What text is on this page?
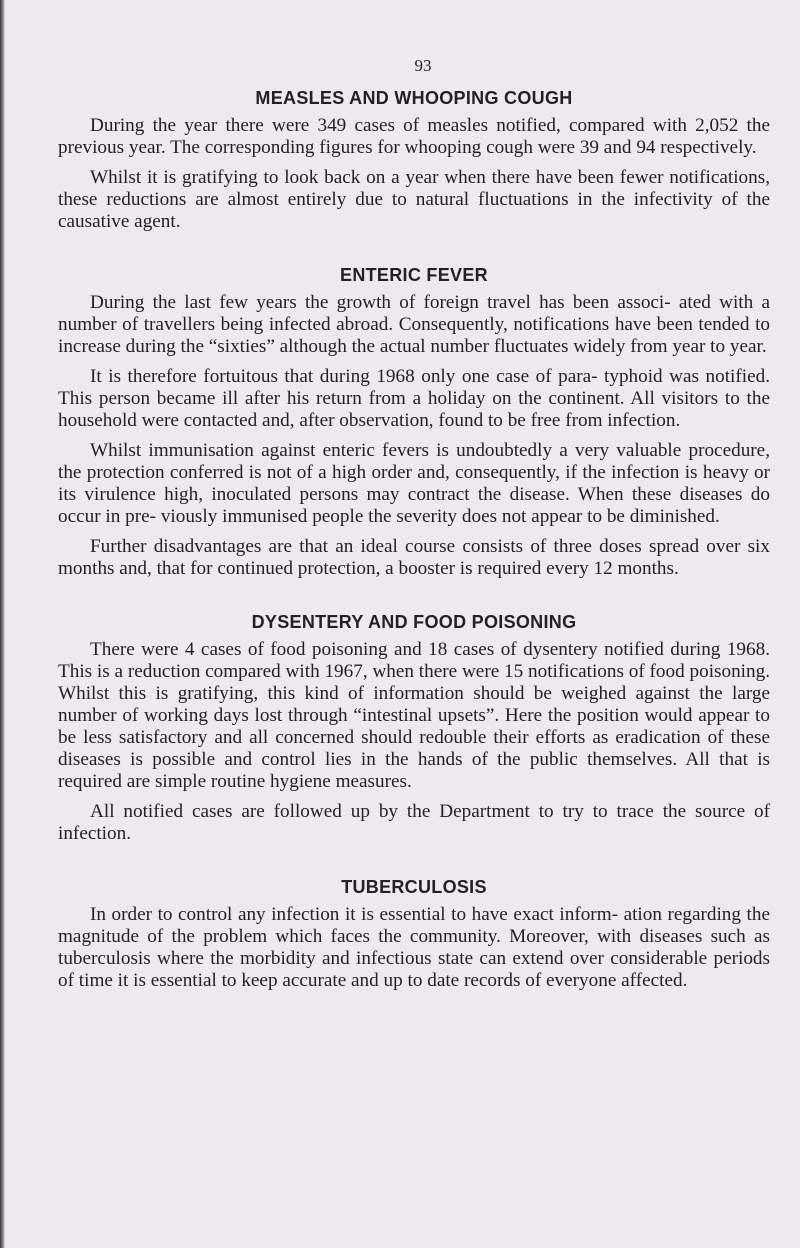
93
MEASLES AND WHOOPING COUGH

During the year there were 349 cases of measles notified, compared with 2,052 the previous year. The corresponding figures for whooping cough were 39 and 94 respectively.

Whilst it is gratifying to look back on a year when there have been fewer notifications, these reductions are almost entirely due to natural fluctuations in the infectivity of the causative agent.

ENTERIC FEVER

During the last few years the growth of foreign travel has been associ- ated with a number of travellers being infected abroad. Consequently, notifications have been tended to increase during the “sixties” although the actual number fluctuates widely from year to year.

It is therefore fortuitous that during 1968 only one case of para- typhoid was notified. This person became ill after his return from a holiday on the continent. All visitors to the household were contacted and, after observation, found to be free from infection.

Whilst immunisation against enteric fevers is undoubtedly a very valuable procedure, the protection conferred is not of a high order and, consequently, if the infection is heavy or its virulence high, inoculated persons may contract the disease. When these diseases do occur in pre- viously immunised people the severity does not appear to be diminished.

Further disadvantages are that an ideal course consists of three doses spread over six months and, that for continued protection, a booster is required every 12 months.

DYSENTERY AND FOOD POISONING

There were 4 cases of food poisoning and 18 cases of dysentery notified during 1968. This is a reduction compared with 1967, when there were 15 notifications of food poisoning. Whilst this is gratifying, this kind of information should be weighed against the large number of working days lost through “intestinal upsets”. Here the position would appear to be less satisfactory and all concerned should redouble their efforts as eradication of these diseases is possible and control lies in the hands of the public themselves. All that is required are simple routine hygiene measures.

All notified cases are followed up by the Department to try to trace the source of infection.

TUBERCULOSIS

In order to control any infection it is essential to have exact inform- ation regarding the magnitude of the problem which faces the community. Moreover, with diseases such as tuberculosis where the morbidity and infectious state can extend over considerable periods of time it is essential to keep accurate and up to date records of everyone affected.
